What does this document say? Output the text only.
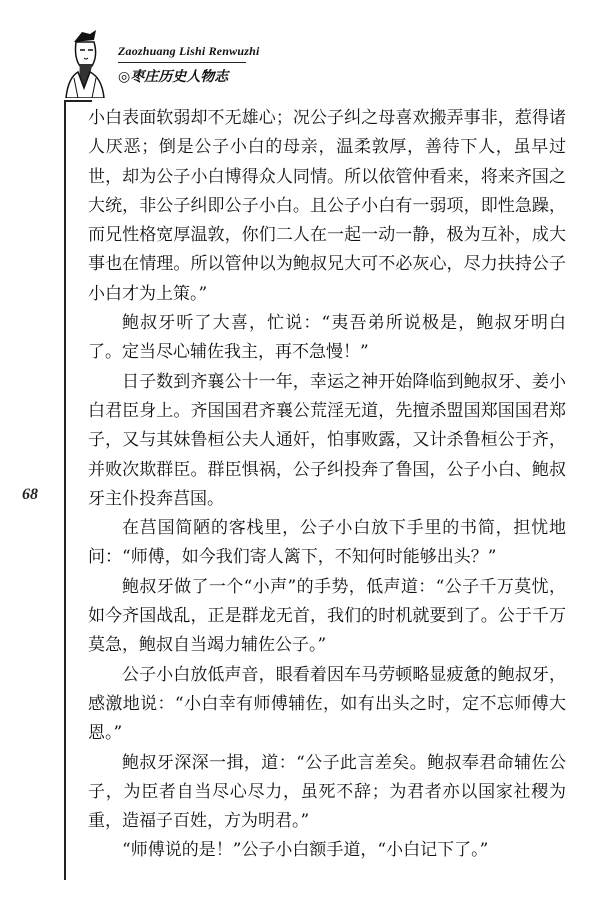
Zaozhuang Lishi Renwuzhi
◎枣庄历史人物志
68

小白表面软弱却不无雄心；况公子纠之母喜欢搬弄事非，惹得诸人厌恶；倒是公子小白的母亲，温柔敦厚，善待下人，虽早过世，却为公子小白博得众人同情。所以依管仲看来，将来齐国之大统，非公子纠即公子小白。且公子小白有一弱项，即性急躁，而兄性格宽厚温敦，你们二人在一起一动一静，极为互补，成大事也在情理。所以管仲以为鲍叔兄大可不必灰心，尽力扶持公子小白才为上策。”

鲍叔牙听了大喜，忙说：“夷吾弟所说极是，鲍叔牙明白了。定当尽心辅佐我主，再不急慢！”

日子数到齐襄公十一年，幸运之神开始降临到鲍叔牙、姜小白君臣身上。齐国国君齐襄公荒淫无道，先擅杀盟国郑国国君郑子，又与其妹鲁桓公夫人通奸，怕事败露，又计杀鲁桓公于齐，并败次欺群臣。群臣惧祸，公子纠投奔了鲁国，公子小白、鲍叔牙主仆投奔莒国。

在莒国简陋的客栈里，公子小白放下手里的书简，担忧地问：“师傅，如今我们寄人篱下，不知何时能够出头？”

鲍叔牙做了一个“小声”的手势，低声道：“公子千万莫忧，如今齐国战乱，正是群龙无首，我们的时机就要到了。公于千万莫急，鲍叔自当竭力辅佐公子。”

公子小白放低声音，眼看着因车马劳顿略显疲惫的鲍叔牙，感激地说：“小白幸有师傅辅佐，如有出头之时，定不忘师傅大恩。”

鲍叔牙深深一揖，道：“公子此言差矣。鲍叔奉君命辅佐公子，为臣者自当尽心尽力，虽死不辞；为君者亦以国家社稷为重，造福子百姓，方为明君。”

“师傅说的是！”公子小白额手道，“小白记下了。”
